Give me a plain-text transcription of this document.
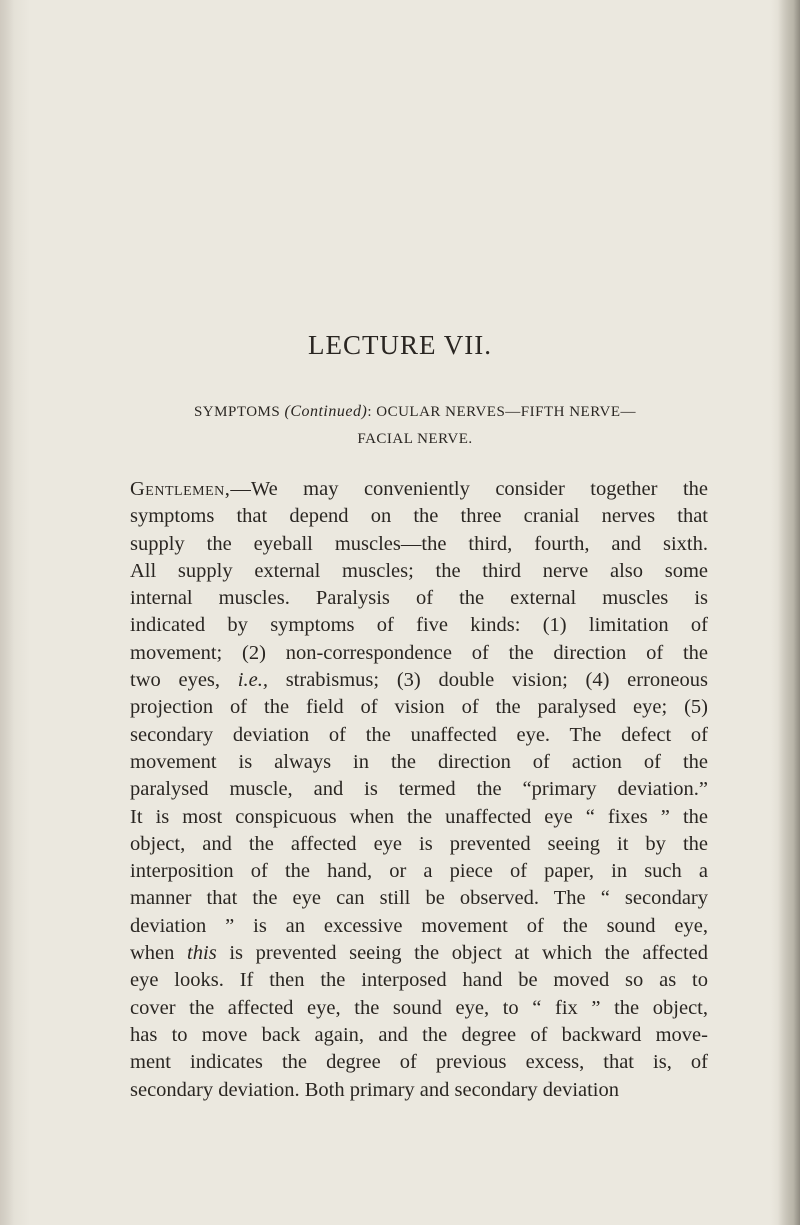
LECTURE VII.
SYMPTOMS (Continued): OCULAR NERVES—FIFTH NERVE—
FACIAL NERVE.
Gentlemen,—We may conveniently consider together the
symptoms that depend on the three cranial nerves that
supply the eyeball muscles—the third, fourth, and sixth.
All supply external muscles; the third nerve also some
internal muscles. Paralysis of the external muscles is
indicated by symptoms of five kinds: (1) limitation of
movement; (2) non-correspondence of the direction of the
two eyes, i.e., strabismus; (3) double vision; (4) erroneous
projection of the field of vision of the paralysed eye; (5)
secondary deviation of the unaffected eye. The defect of
movement is always in the direction of action of the
paralysed muscle, and is termed the “primary deviation.”
It is most conspicuous when the unaffected eye “ fixes ” the
object, and the affected eye is prevented seeing it by the
interposition of the hand, or a piece of paper, in such a
manner that the eye can still be observed. The “ secondary
deviation ” is an excessive movement of the sound eye,
when this is prevented seeing the object at which the affected
eye looks. If then the interposed hand be moved so as to
cover the affected eye, the sound eye, to “ fix ” the object,
has to move back again, and the degree of backward move-
ment indicates the degree of previous excess, that is, of
secondary deviation. Both primary and secondary deviation
